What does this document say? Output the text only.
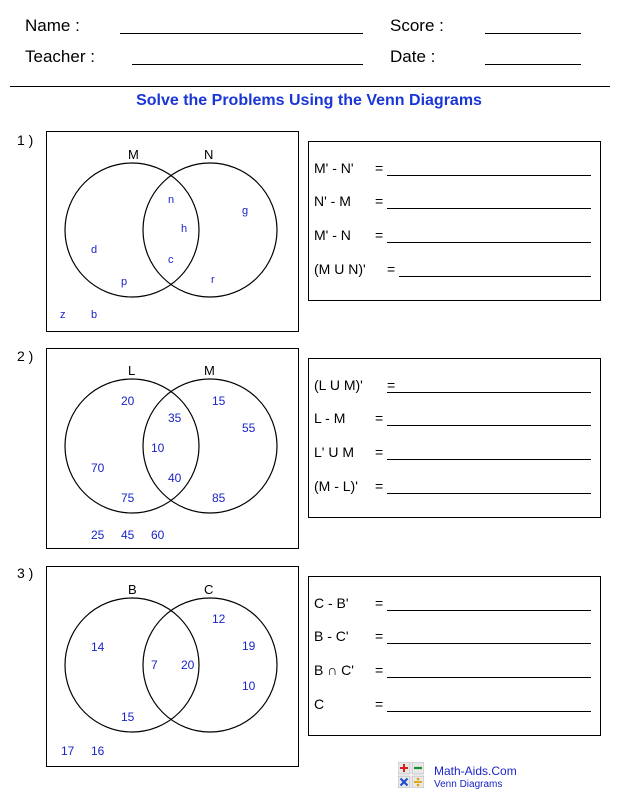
Name :	Score :
Teacher :	Date :
Solve the Problems Using the Venn Diagrams
1 )
M	N
d
p
n
h
c
g
r
z b
M' - N' =
N' - M =
M' - N =
(M U N)' =
2 )
L	M
20
70
75
35
10
40
15
55
85
25 45 60
(L U M)' =
L - M =
L' U M =
(M - L)' =
3 )
B	C
14
15
7 20
12
19
10
17 16
C - B' =
B - C' =
B ∩ C' =
C	=
Math-Aids.Com
Venn Diagrams
